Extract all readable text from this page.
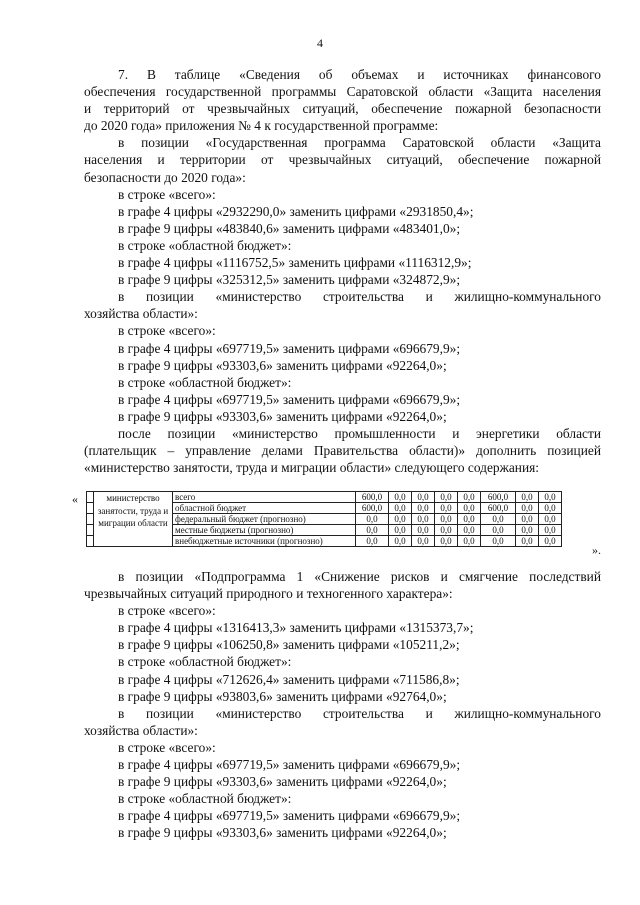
4
7. В таблице «Сведения об объемах и источниках финансового
обеспечения государственной программы Саратовской области «Защита населения
и территорий от чрезвычайных ситуаций, обеспечение пожарной безопасности
до 2020 года» приложения № 4 к государственной программе:
в позиции «Государственная программа Саратовской области «Защита
населения и территории от чрезвычайных ситуаций, обеспечение пожарной
безопасности до 2020 года»:
в строке «всего»:
в графе 4 цифры «2932290,0» заменить цифрами «2931850,4»;
в графе 9 цифры «483840,6» заменить цифрами «483401,0»;
в строке «областной бюджет»:
в графе 4 цифры «1116752,5» заменить цифрами «1116312,9»;
в графе 9 цифры «325312,5» заменить цифрами «324872,9»;
в позиции «министерство строительства и жилищно-коммунального
хозяйства области»:
в строке «всего»:
в графе 4 цифры «697719,5» заменить цифрами «696679,9»;
в графе 9 цифры «93303,6» заменить цифрами «92264,0»;
в строке «областной бюджет»:
в графе 4 цифры «697719,5» заменить цифрами «696679,9»;
в графе 9 цифры «93303,6» заменить цифрами «92264,0»;
после позиции «министерство промышленности и энергетики области
(плательщик – управление делами Правительства области)» дополнить позицией
«министерство занятости, труда и миграции области» следующего содержания:
«
		министерство занятости, труда и миграции области	всего	600,0	0,0	0,0	0,0	0,0	600,0	0,0	0,0
		областной бюджет	600,0	0,0	0,0	0,0	0,0	600,0	0,0	0,0
		федеральный бюджет (прогнозно)	0,0	0,0	0,0	0,0	0,0	0,0	0,0	0,0
		местные бюджеты (прогнозно)	0,0	0,0	0,0	0,0	0,0	0,0	0,0	0,0
		внебюджетные источники (прогнозно)	0,0	0,0	0,0	0,0	0,0	0,0	0,0	0,0
».
в позиции «Подпрограмма 1 «Снижение рисков и смягчение последствий
чрезвычайных ситуаций природного и техногенного характера»:
в строке «всего»:
в графе 4 цифры «1316413,3» заменить цифрами «1315373,7»;
в графе 9 цифры «106250,8» заменить цифрами «105211,2»;
в строке «областной бюджет»:
в графе 4 цифры «712626,4» заменить цифрами «711586,8»;
в графе 9 цифры «93803,6» заменить цифрами «92764,0»;
в позиции «министерство строительства и жилищно-коммунального
хозяйства области»:
в строке «всего»:
в графе 4 цифры «697719,5» заменить цифрами «696679,9»;
в графе 9 цифры «93303,6» заменить цифрами «92264,0»;
в строке «областной бюджет»:
в графе 4 цифры «697719,5» заменить цифрами «696679,9»;
в графе 9 цифры «93303,6» заменить цифрами «92264,0»;
